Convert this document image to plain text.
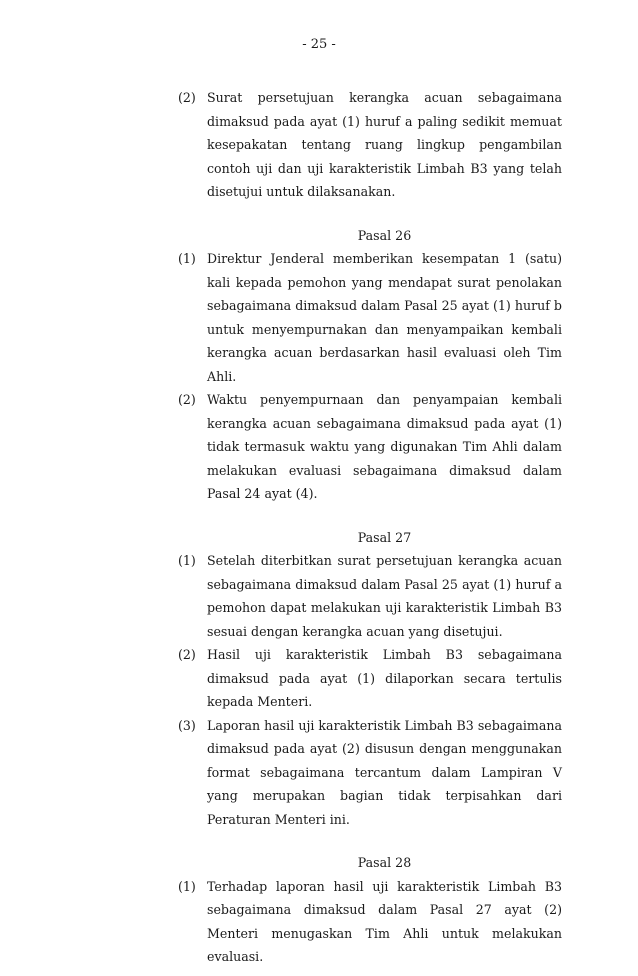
- 25 -
(2) Surat persetujuan kerangka acuan sebagaimana dimaksud pada ayat (1) huruf a paling sedikit memuat kesepakatan tentang ruang lingkup pengambilan contoh uji dan uji karakteristik Limbah B3 yang telah disetujui untuk dilaksanakan.
Pasal 26
(1) Direktur Jenderal memberikan kesempatan 1 (satu) kali kepada pemohon yang mendapat surat penolakan sebagaimana dimaksud dalam Pasal 25 ayat (1) huruf b untuk menyempurnakan dan menyampaikan kembali kerangka acuan berdasarkan hasil evaluasi oleh Tim Ahli.
(2) Waktu penyempurnaan dan penyampaian kembali kerangka acuan sebagaimana dimaksud pada ayat (1) tidak termasuk waktu yang digunakan Tim Ahli dalam melakukan evaluasi sebagaimana dimaksud dalam Pasal 24 ayat (4).
Pasal 27
(1) Setelah diterbitkan surat persetujuan kerangka acuan sebagaimana dimaksud dalam Pasal 25 ayat (1) huruf a pemohon dapat melakukan uji karakteristik Limbah B3 sesuai dengan kerangka acuan yang disetujui.
(2) Hasil uji karakteristik Limbah B3 sebagaimana dimaksud pada ayat (1) dilaporkan secara tertulis kepada Menteri.
(3) Laporan hasil uji karakteristik Limbah B3 sebagaimana dimaksud pada ayat (2) disusun dengan menggunakan format sebagaimana tercantum dalam Lampiran V yang merupakan bagian tidak terpisahkan dari Peraturan Menteri ini.
Pasal 28
(1) Terhadap laporan hasil uji karakteristik Limbah B3 sebagaimana dimaksud dalam Pasal 27 ayat (2) Menteri menugaskan Tim Ahli untuk melakukan evaluasi.
